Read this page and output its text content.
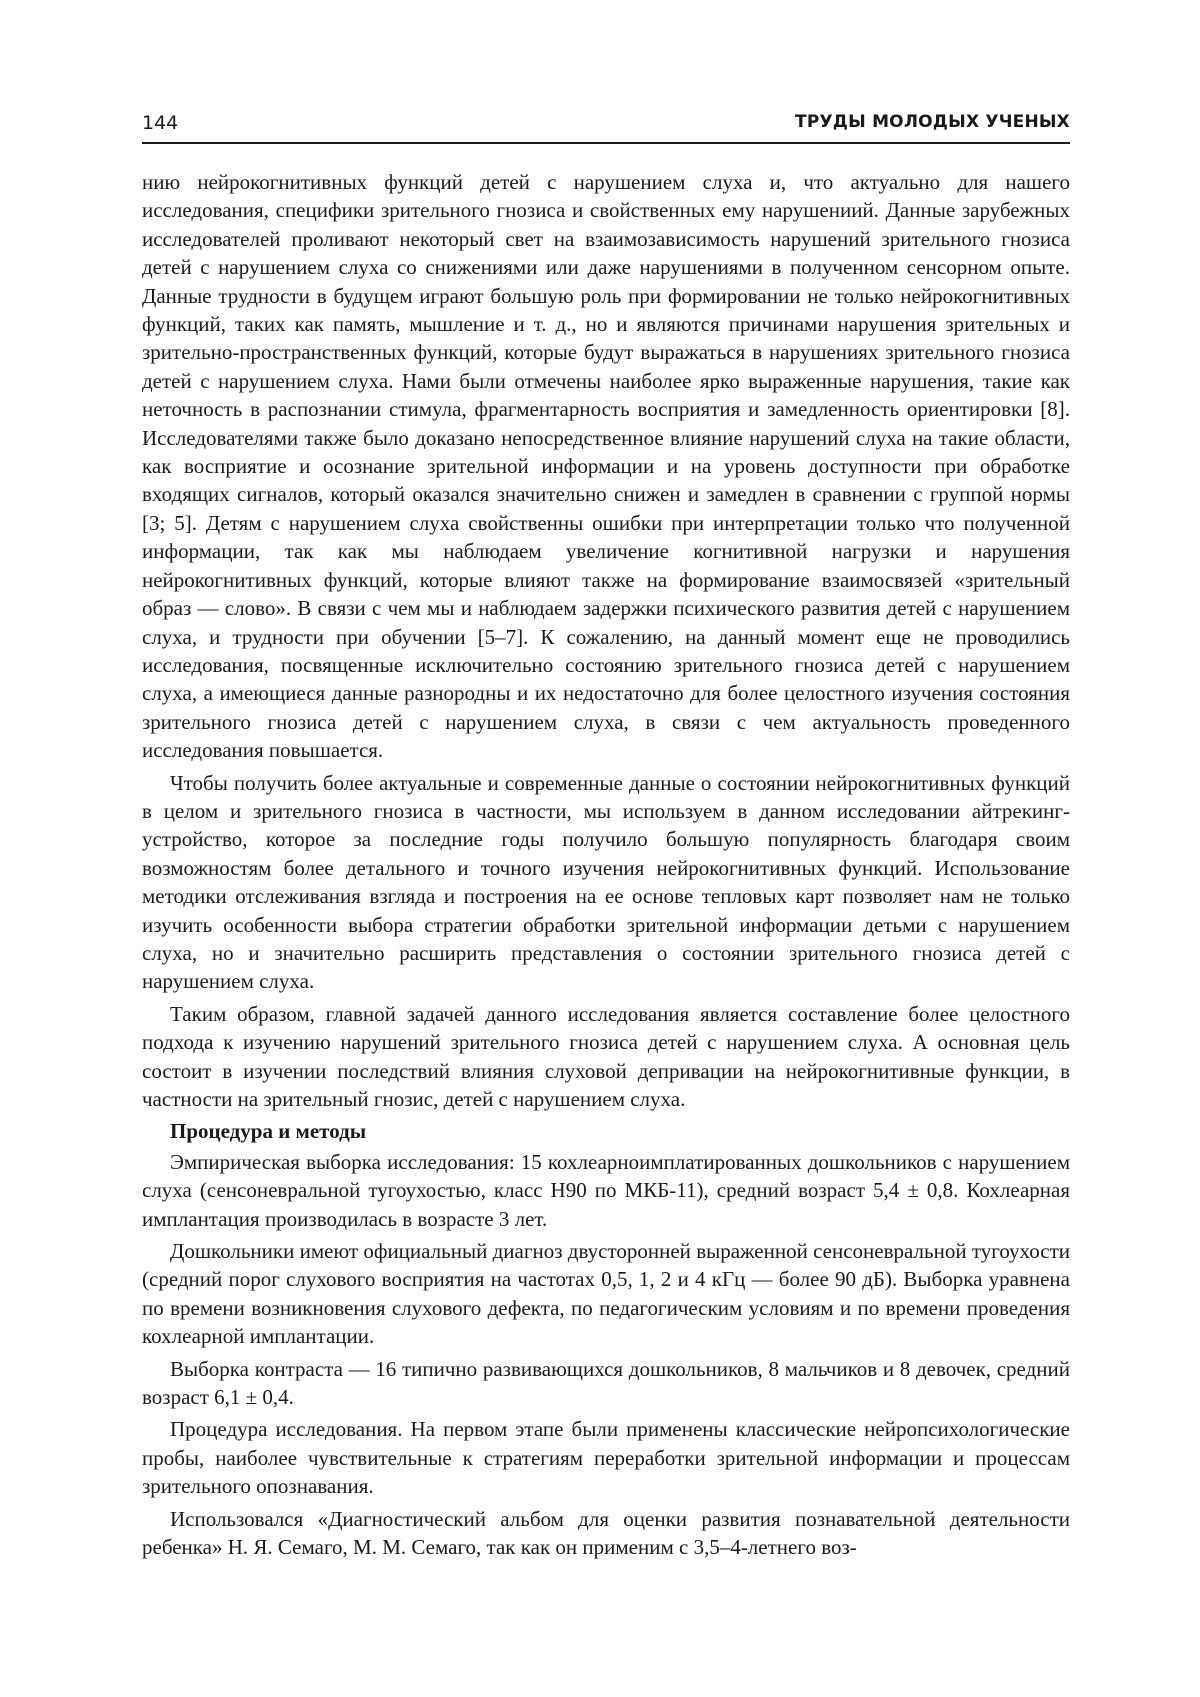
144	ТРУДЫ МОЛОДЫХ УЧЕНЫХ

нию нейрокогнитивных функций детей с нарушением слуха и, что актуально для нашего исследования, специфики зрительного гнозиса и свойственных ему нарушениий. Данные зарубежных исследователей проливают некоторый свет на взаимозависимость нарушений зрительного гнозиса детей с нарушением слуха со снижениями или даже нарушениями в полученном сенсорном опыте. Данные трудности в будущем играют большую роль при формировании не только нейрокогнитивных функций, таких как память, мышление и т. д., но и являются причинами нарушения зрительных и зрительно-пространственных функций, которые будут выражаться в нарушениях зрительного гнозиса детей с нарушением слуха. Нами были отмечены наиболее ярко выраженные нарушения, такие как неточность в распознании стимула, фрагментарность восприятия и замедленность ориентировки [8]. Исследователями также было доказано непосредственное влияние нарушений слуха на такие области, как восприятие и осознание зрительной информации и на уровень доступности при обработке входящих сигналов, который оказался значительно снижен и замедлен в сравнении с группой нормы [3; 5]. Детям с нарушением слуха свойственны ошибки при интерпретации только что полученной информации, так как мы наблюдаем увеличение когнитивной нагрузки и нарушения нейрокогнитивных функций, которые влияют также на формирование взаимосвязей «зрительный образ — слово». В связи с чем мы и наблюдаем задержки психического развития детей с нарушением слуха, и трудности при обучении [5–7]. К сожалению, на данный момент еще не проводились исследования, посвященные исключительно состоянию зрительного гнозиса детей с нарушением слуха, а имеющиеся данные разнородны и их недостаточно для более целостного изучения состояния зрительного гнозиса детей с нарушением слуха, в связи с чем актуальность проведенного исследования повышается.

Чтобы получить более актуальные и современные данные о состоянии нейрокогнитивных функций в целом и зрительного гнозиса в частности, мы используем в данном исследовании айтрекинг-устройство, которое за последние годы получило большую популярность благодаря своим возможностям более детального и точного изучения нейрокогнитивных функций. Использование методики отслеживания взгляда и построения на ее основе тепловых карт позволяет нам не только изучить особенности выбора стратегии обработки зрительной информации детьми с нарушением слуха, но и значительно расширить представления о состоянии зрительного гнозиса детей с нарушением слуха.

Таким образом, главной задачей данного исследования является составление более целостного подхода к изучению нарушений зрительного гнозиса детей с нарушением слуха. А основная цель состоит в изучении последствий влияния слуховой депривации на нейрокогнитивные функции, в частности на зрительный гнозис, детей с нарушением слуха.

Процедура и методы

Эмпирическая выборка исследования: 15 кохлеарноимплатированных дошкольников с нарушением слуха (сенсоневральной тугоухостью, класс H90 по МКБ-11), средний возраст 5,4 ± 0,8. Кохлеарная имплантация производилась в возрасте 3 лет.

Дошкольники имеют официальный диагноз двусторонней выраженной сенсоневральной тугоухости (средний порог слухового восприятия на частотах 0,5, 1, 2 и 4 кГц — более 90 дБ). Выборка уравнена по времени возникновения слухового дефекта, по педагогическим условиям и по времени проведения кохлеарной имплантации.

Выборка контраста — 16 типично развивающихся дошкольников, 8 мальчиков и 8 девочек, средний возраст 6,1 ± 0,4.

Процедура исследования. На первом этапе были применены классические нейропсихологические пробы, наиболее чувствительные к стратегиям переработки зрительной информации и процессам зрительного опознавания.

Использовался «Диагностический альбом для оценки развития познавательной деятельности ребенка» Н. Я. Семаго, М. М. Семаго, так как он применим с 3,5–4-летнего воз-
